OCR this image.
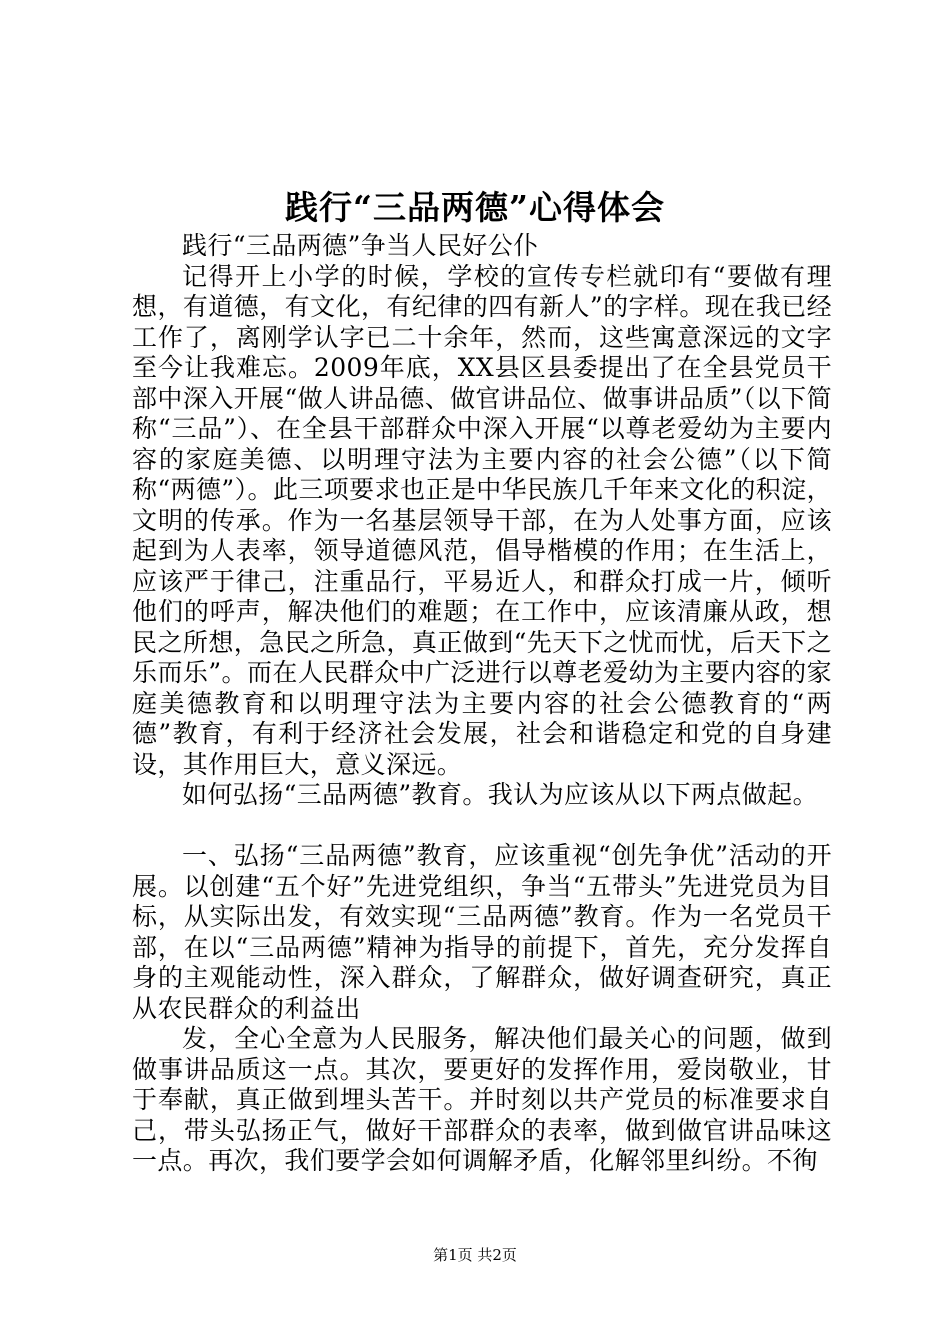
践行“三品两德”心得体会

践行“三品两德”争当人民好公仆

记得开上小学的时候，学校的宣传专栏就印有“要做有理想，有道德，有文化，有纪律的四有新人”的字样。现在我已经工作了，离刚学认字已二十余年，然而，这些寓意深远的文字至今让我难忘。2009年底，XX县区县委提出了在全县党员干部中深入开展“做人讲品德、做官讲品位、做事讲品质”（以下简称“三品”）、在全县干部群众中深入开展“以尊老爱幼为主要内容的家庭美德、以明理守法为主要内容的社会公德”（以下简称“两德”）。此三项要求也正是中华民族几千年来文化的积淀，文明的传承。作为一名基层领导干部，在为人处事方面，应该起到为人表率，领导道德风范，倡导楷模的作用；在生活上，应该严于律己，注重品行，平易近人，和群众打成一片，倾听他们的呼声，解决他们的难题；在工作中，应该清廉从政，想民之所想，急民之所急，真正做到“先天下之忧而忧，后天下之乐而乐”。而在人民群众中广泛进行以尊老爱幼为主要内容的家庭美德教育和以明理守法为主要内容的社会公德教育的“两德”教育，有利于经济社会发展，社会和谐稳定和党的自身建设，其作用巨大，意义深远。

如何弘扬“三品两德”教育。我认为应该从以下两点做起。

一、弘扬“三品两德”教育，应该重视“创先争优”活动的开展。以创建“五个好”先进党组织，争当“五带头”先进党员为目标，从实际出发，有效实现“三品两德”教育。作为一名党员干部，在以“三品两德”精神为指导的前提下，首先，充分发挥自身的主观能动性，深入群众，了解群众，做好调查研究，真正从农民群众的利益出

发，全心全意为人民服务，解决他们最关心的问题，做到做事讲品质这一点。其次，要更好的发挥作用，爱岗敬业，甘于奉献，真正做到埋头苦干。并时刻以共产党员的标准要求自己，带头弘扬正气，做好干部群众的表率，做到做官讲品味这一点。再次，我们要学会如何调解矛盾，化解邻里纠纷。不徇

第1页 共2页
